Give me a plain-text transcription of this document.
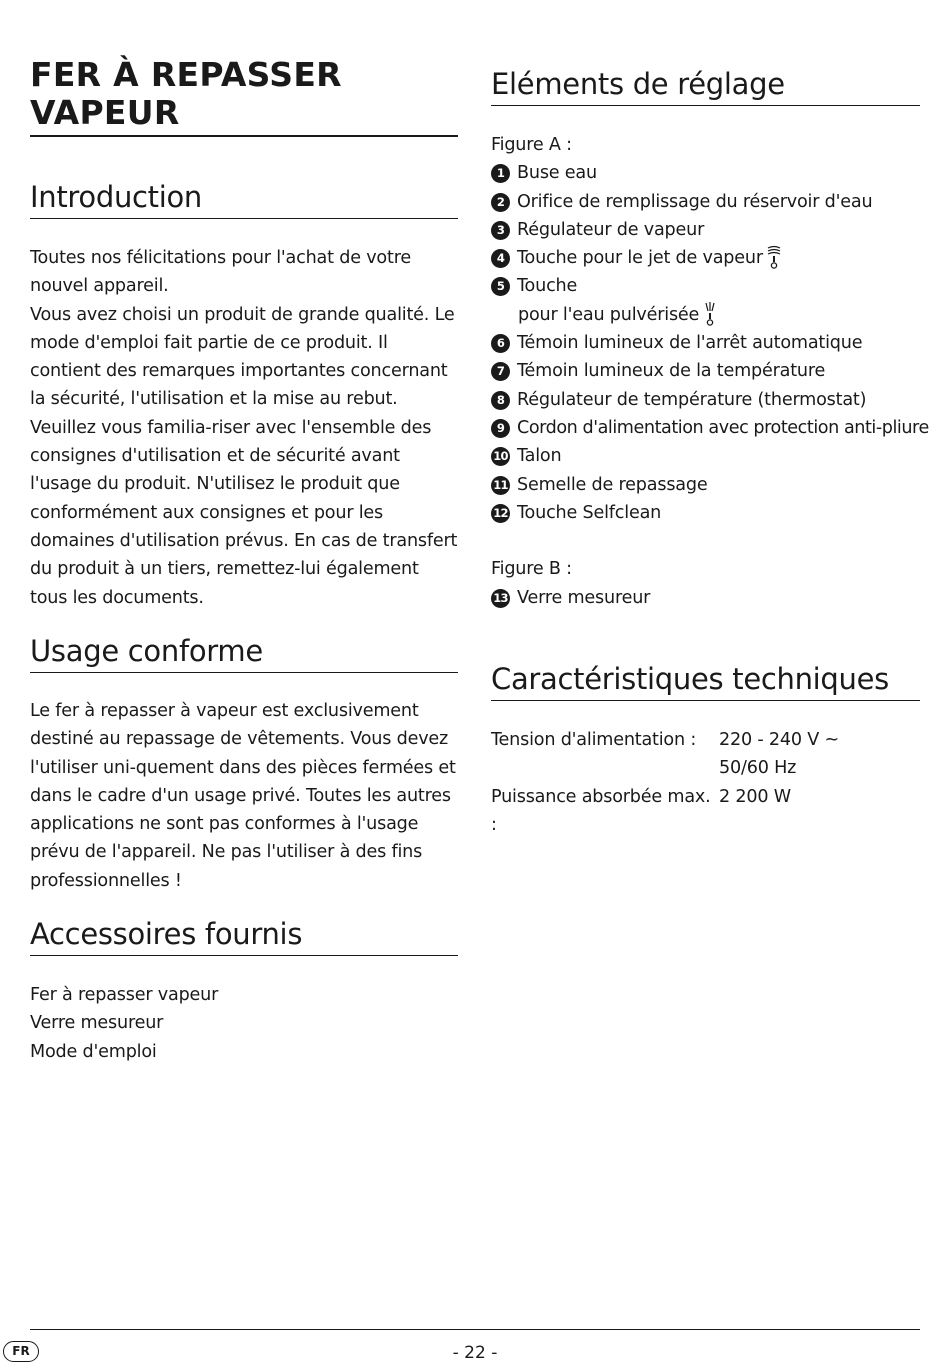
FER À REPASSER VAPEUR
Introduction

Toutes nos félicitations pour l'achat de votre nouvel appareil.

Vous avez choisi un produit de grande qualité. Le mode d'emploi fait partie de ce produit. Il contient des remarques importantes concernant la sécurité, l'utilisation et la mise au rebut. Veuillez vous familia-riser avec l'ensemble des consignes d'utilisation et de sécurité avant l'usage du produit. N'utilisez le produit que conformément aux consignes et pour les domaines d'utilisation prévus. En cas de transfert du produit à un tiers, remettez-lui également tous les documents.

Usage conforme

Le fer à repasser à vapeur est exclusivement destiné au repassage de vêtements. Vous devez l'utiliser uni-quement dans des pièces fermées et dans le cadre d'un usage privé. Toutes les autres applications ne sont pas conformes à l'usage prévu de l'appareil. Ne pas l'utiliser à des fins professionnelles !

Accessoires fournis
Fer à repasser vapeur
Verre mesureur
Mode d'emploi
Eléments de réglage
Figure A :
1 Buse eau
2 Orifice de remplissage du réservoir d'eau
3 Régulateur de vapeur
4 Touche pour le jet de vapeur
5 Touche
pour l'eau pulvérisée
6 Témoin lumineux de l'arrêt automatique
7 Témoin lumineux de la température
8 Régulateur de température (thermostat)
9 Cordon d'alimentation avec protection anti-pliure
10 Talon
11 Semelle de repassage
12 Touche Selfclean

Figure B :
13 Verre mesureur
Caractéristiques techniques
Tension d'alimentation :	220 - 240 V ~
50/60 Hz
Puissance absorbée max. :
2 200 W
FR	- 22 -
